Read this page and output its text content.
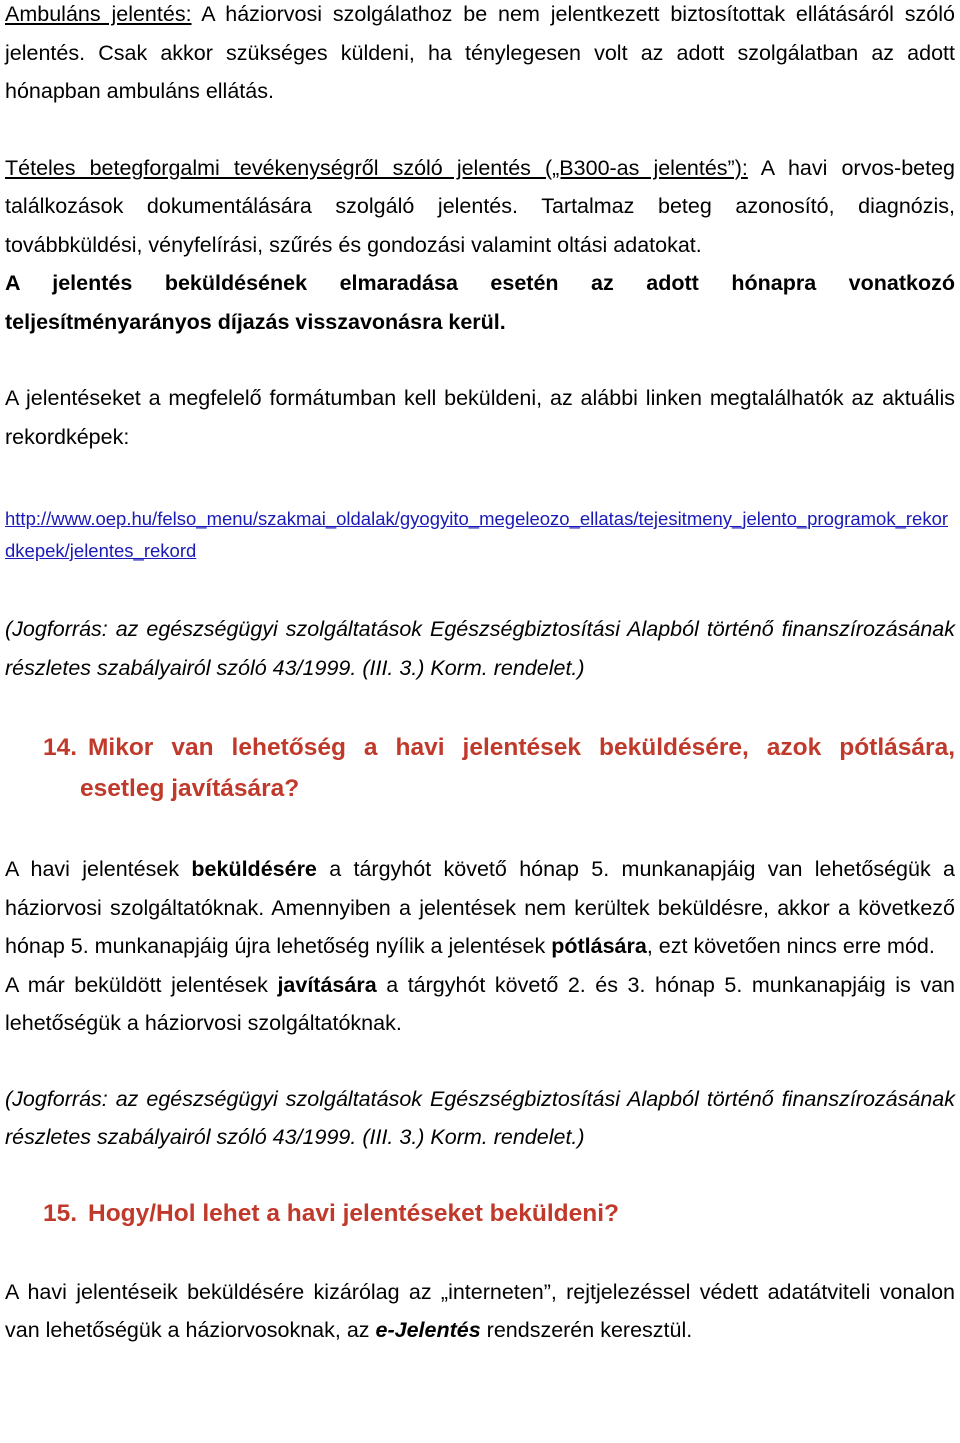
Ambuláns jelentés: A háziorvosi szolgálathoz be nem jelentkezett biztosítottak ellátásáról szóló jelentés. Csak akkor szükséges küldeni, ha ténylegesen volt az adott szolgálatban az adott hónapban ambuláns ellátás.

Tételes betegforgalmi tevékenységről szóló jelentés („B300-as jelentés”): A havi orvos-beteg találkozások dokumentálására szolgáló jelentés. Tartalmaz beteg azonosító, diagnózis, továbbküldési, vényfelírási, szűrés és gondozási valamint oltási adatokat.

A jelentés beküldésének elmaradása esetén az adott hónapra vonatkozó teljesítményarányos díjazás visszavonásra kerül.

A jelentéseket a megfelelő formátumban kell beküldeni, az alábbi linken megtalálhatók az aktuális rekordképek:

http://www.oep.hu/felso_menu/szakmai_oldalak/gyogyito_megeleozo_ellatas/tejesitmeny_jelento_programok_rekordkepek/jelentes_rekord

(Jogforrás: az egészségügyi szolgáltatások Egészségbiztosítási Alapból történő finanszírozásának részletes szabályairól szóló 43/1999. (III. 3.) Korm. rendelet.)

14. Mikor van lehetőség a havi jelentések beküldésére, azok pótlására, esetleg javítására?

A havi jelentések beküldésére a tárgyhót követő hónap 5. munkanapjáig van lehetőségük a háziorvosi szolgáltatóknak. Amennyiben a jelentések nem kerültek beküldésre, akkor a következő hónap 5. munkanapjáig újra lehetőség nyílik a jelentések pótlására, ezt követően nincs erre mód.

A már beküldött jelentések javítására a tárgyhót követő 2. és 3. hónap 5. munkanapjáig is van lehetőségük a háziorvosi szolgáltatóknak.

(Jogforrás: az egészségügyi szolgáltatások Egészségbiztosítási Alapból történő finanszírozásának részletes szabályairól szóló 43/1999. (III. 3.) Korm. rendelet.)

15. Hogy/Hol lehet a havi jelentéseket beküldeni?

A havi jelentéseik beküldésére kizárólag az „interneten”, rejtjelezéssel védett adatátviteli vonalon van lehetőségük a háziorvosoknak, az e-Jelentés rendszerén keresztül.
